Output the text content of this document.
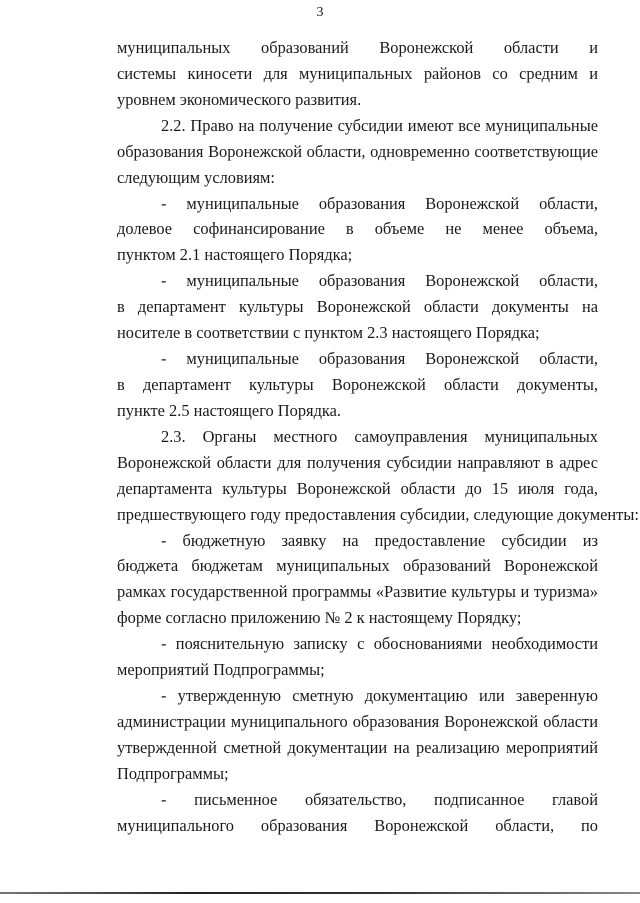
3
муниципальных образований Воронежской области и
системы киносети для муниципальных районов со средним и
уровнем экономического развития.
2.2. Право на получение субсидии имеют все муниципальные
образования Воронежской области, одновременно соответствующие
следующим условиям:
- муниципальные образования Воронежской области,
долевое софинансирование в объеме не менее объема,
пунктом 2.1 настоящего Порядка;
- муниципальные образования Воронежской области,
в департамент культуры Воронежской области документы на
носителе в соответствии с пунктом 2.3 настоящего Порядка;
- муниципальные образования Воронежской области,
в департамент культуры Воронежской области документы,
пункте 2.5 настоящего Порядка.
2.3. Органы местного самоуправления муниципальных
Воронежской области для получения субсидии направляют в адрес
департамента культуры Воронежской области до 15 июля года,
предшествующего году предоставления субсидии, следующие документы:
- бюджетную заявку на предоставление субсидии из
бюджета бюджетам муниципальных образований Воронежской
рамках государственной программы «Развитие культуры и туризма»
форме согласно приложению № 2 к настоящему Порядку;
- пояснительную записку с обоснованиями необходимости
мероприятий Подпрограммы;
- утвержденную сметную документацию или заверенную
администрации муниципального образования Воронежской области
утвержденной сметной документации на реализацию мероприятий
Подпрограммы;
- письменное обязательство, подписанное главой
муниципального образования Воронежской области, по
